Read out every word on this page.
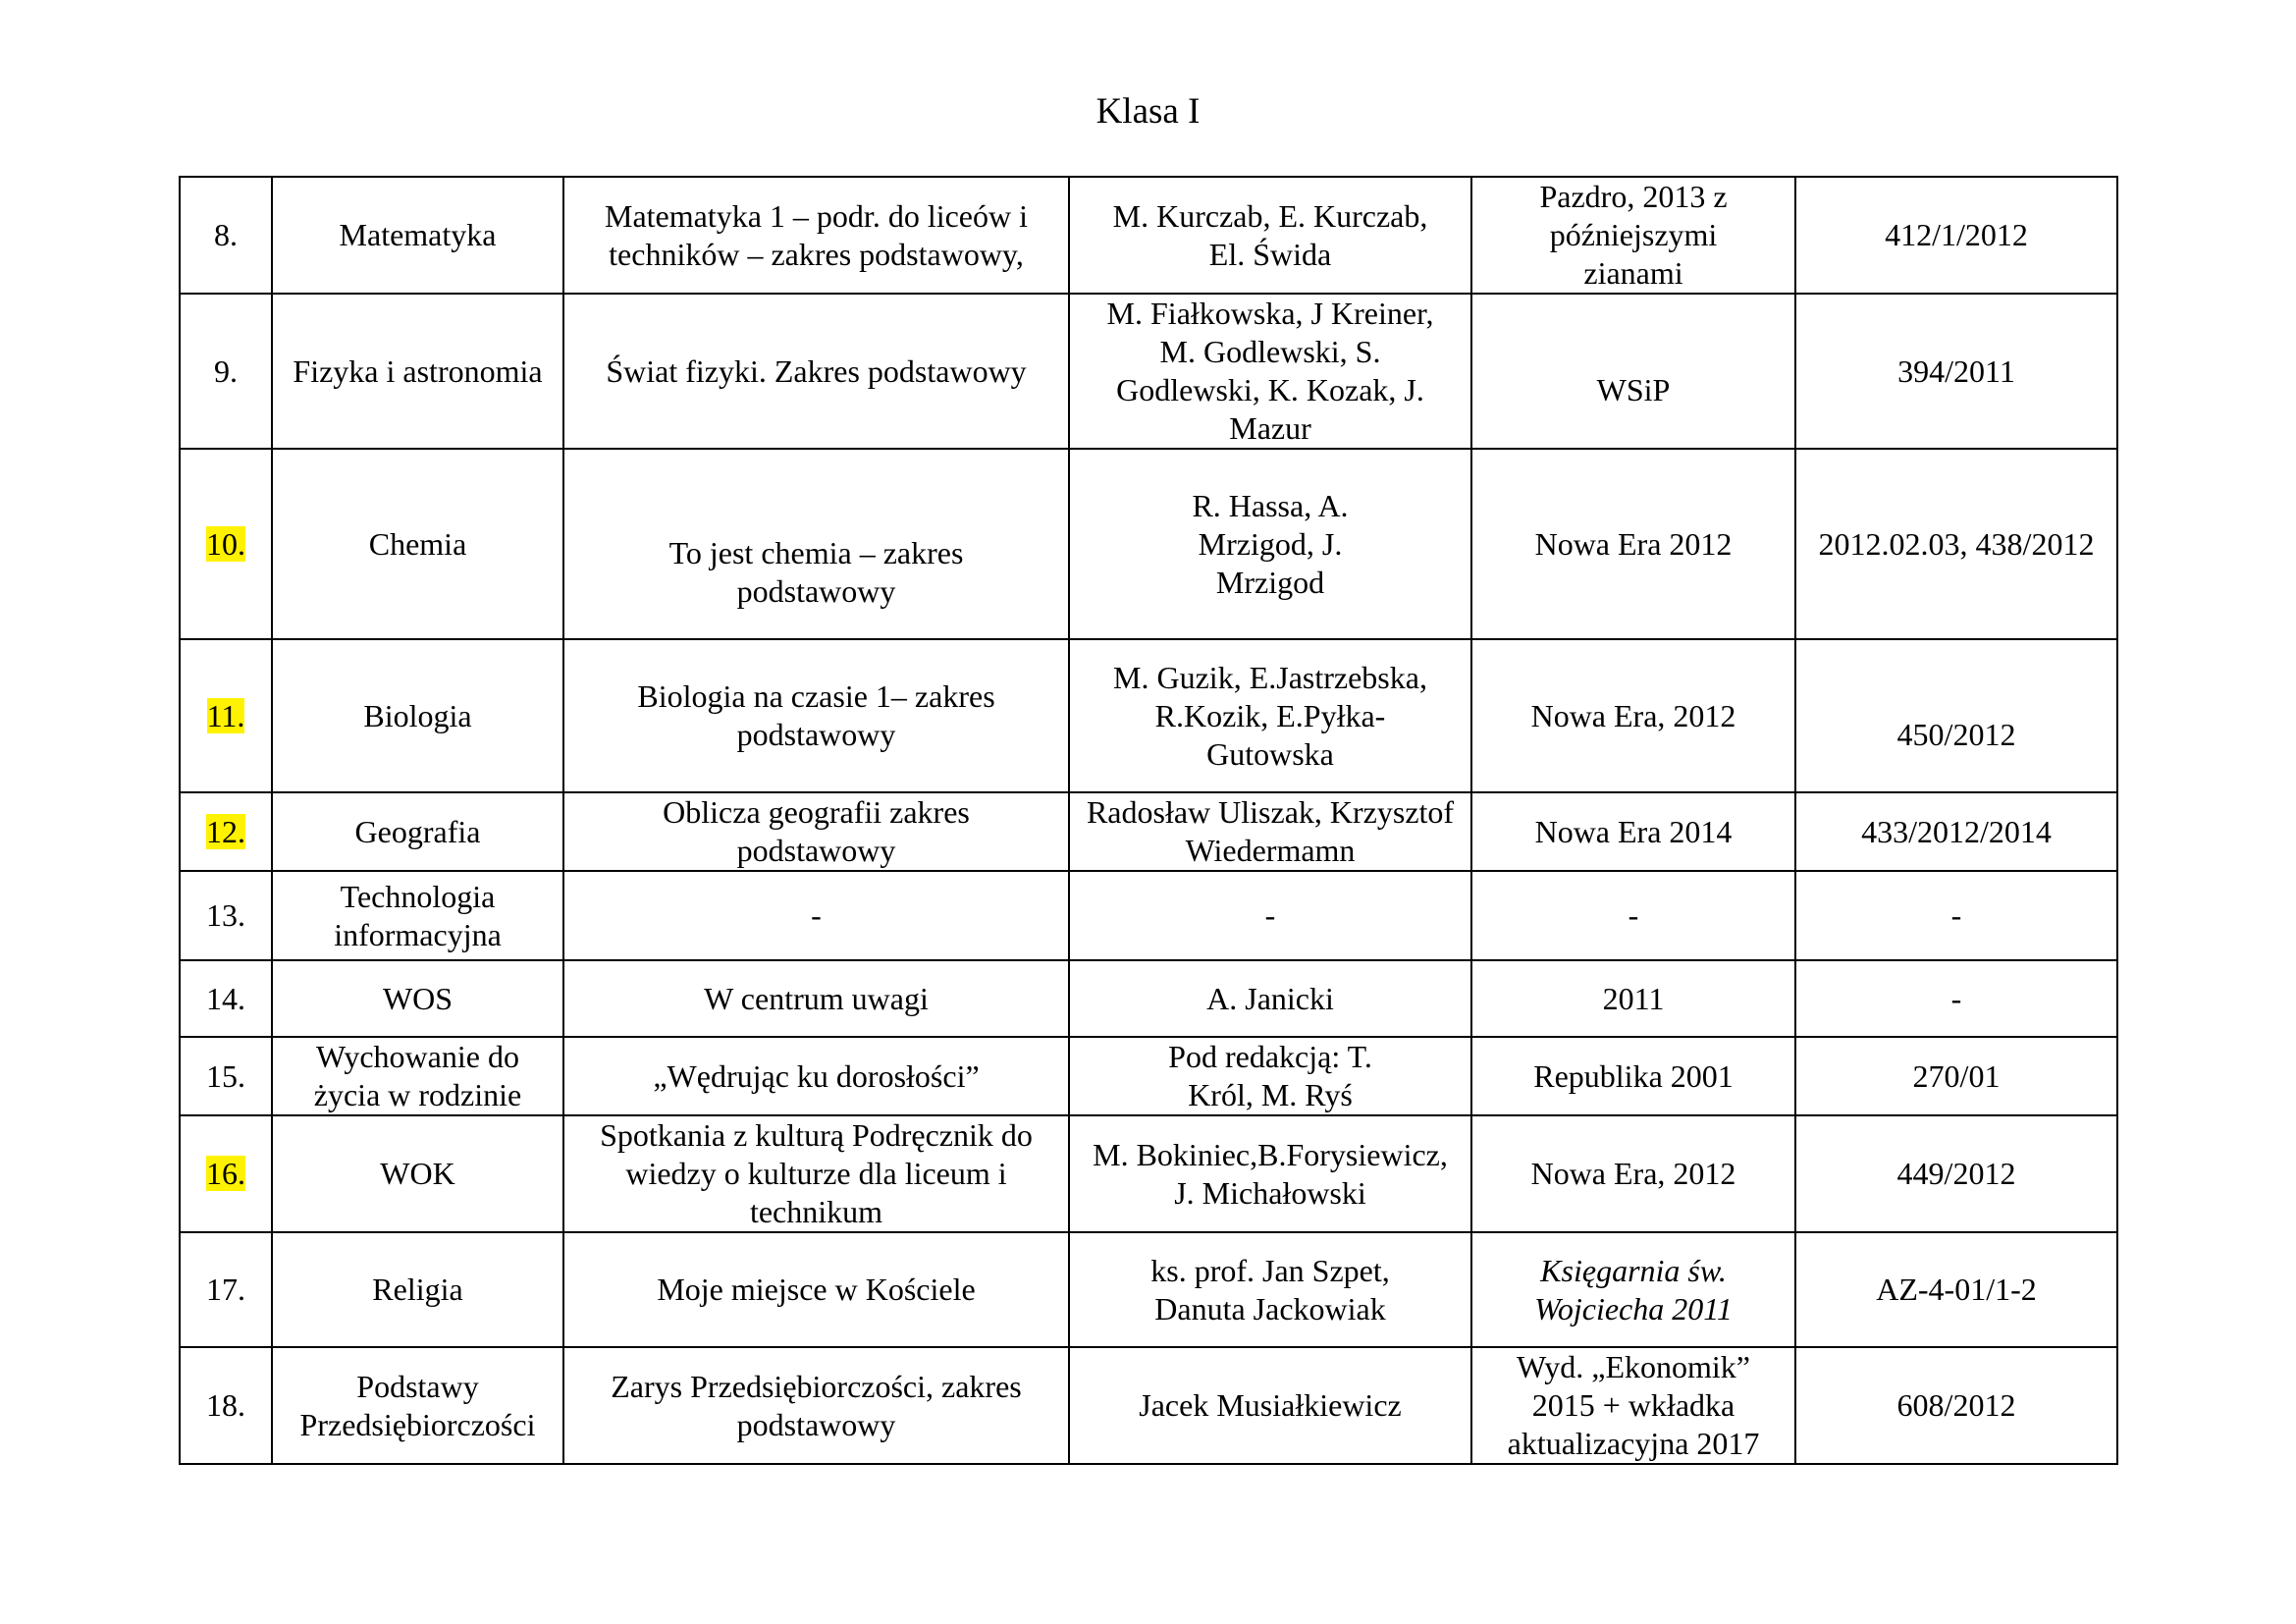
Klasa I
8.	Matematyka	Matematyka 1 – podr. do liceów i techników – zakres podstawowy,	M. Kurczab, E. Kurczab, El. Świda	Pazdro, 2013 z późniejszymi zianami	412/1/2012
9.	Fizyka i astronomia	Świat fizyki. Zakres podstawowy	M. Fiałkowska, J Kreiner, M. Godlewski, S. Godlewski, K. Kozak, J. Mazur	WSiP	394/2011
10.	Chemia	To jest chemia – zakres podstawowy	R. Hassa, A. Mrzigod, J. Mrzigod	Nowa Era 2012	2012.02.03, 438/2012
11.	Biologia	Biologia na czasie 1– zakres podstawowy	M. Guzik, E.Jastrzebska, R.Kozik, E.Pyłka-Gutowska	Nowa Era, 2012	450/2012
12.	Geografia	Oblicza geografii zakres podstawowy	Radosław Uliszak, Krzysztof Wiedermamn	Nowa Era 2014	433/2012/2014
13.	Technologia informacyjna	-	-	-	-
14.	WOS	W centrum uwagi	A. Janicki	2011	-
15.	Wychowanie do życia w rodzinie	„Wędrując ku dorosłości”	Pod redakcją: T. Król, M. Ryś	Republika 2001	270/01
16.	WOK	Spotkania z kulturą Podręcznik do wiedzy o kulturze dla liceum i technikum	M. Bokiniec,B.Forysiewicz, J. Michałowski	Nowa Era, 2012	449/2012
17.	Religia	Moje miejsce w Kościele	ks. prof. Jan Szpet, Danuta Jackowiak	Księgarnia św. Wojciecha 2011	AZ-4-01/1-2
18.	Podstawy Przedsiębiorczości	Zarys Przedsiębiorczości, zakres podstawowy	Jacek Musiałkiewicz	Wyd. „Ekonomik” 2015 + wkładka aktualizacyjna 2017	608/2012
